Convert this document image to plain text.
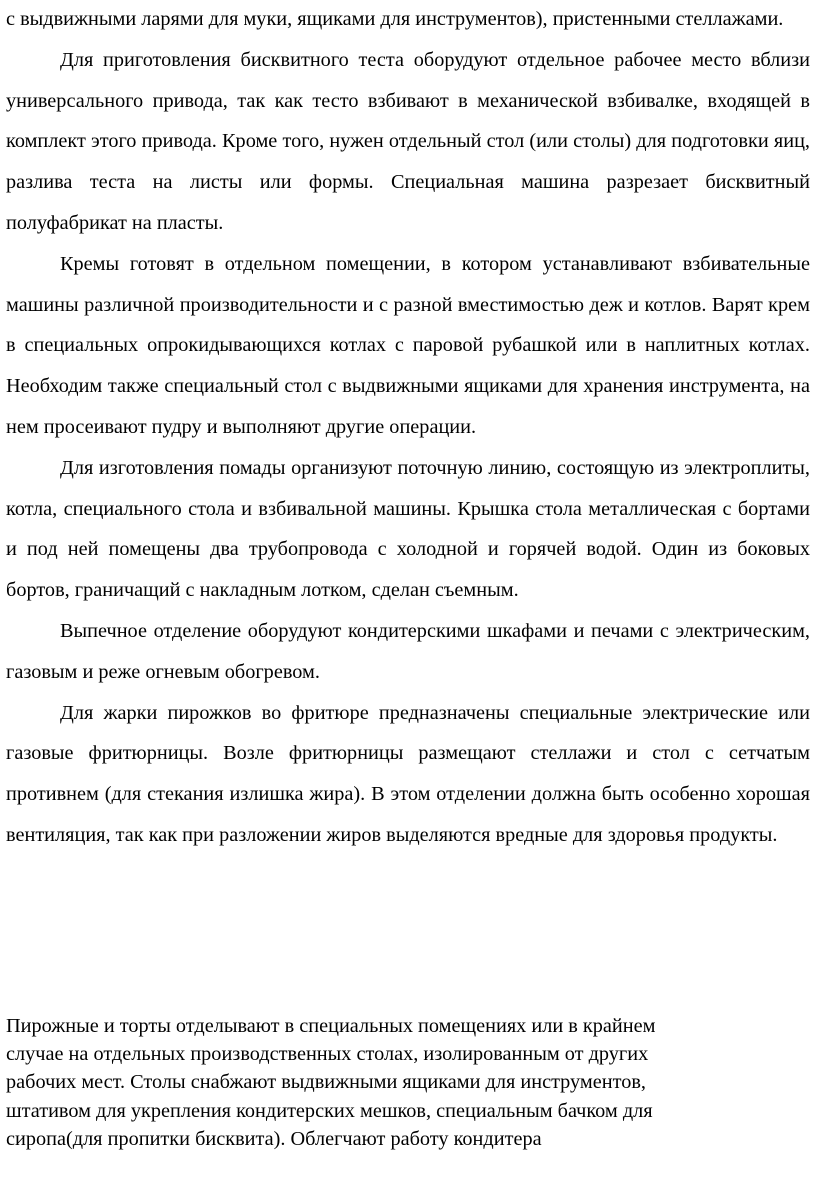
с выдвижными ларями для муки, ящиками для инструментов), пристенными стеллажами.

Для приготовления бисквитного теста оборудуют отдельное рабочее место вблизи универсального привода, так как тесто взбивают в механической взбивалке, входящей в комплект этого привода. Кроме того, нужен отдельный стол (или столы) для подготовки яиц, разлива теста на листы или формы. Специальная машина разрезает бисквитный полуфабрикат на пласты.

Кремы готовят в отдельном помещении, в котором устанавливают взбивательные машины различной производительности и с разной вместимостью деж и котлов. Варят крем в специальных опрокидывающихся котлах с паровой рубашкой или в наплитных котлах. Необходим также специальный стол с выдвижными ящиками для хранения инструмента, на нем просеивают пудру и выполняют другие операции.

Для изготовления помады организуют поточную линию, состоящую из электроплиты, котла, специального стола и взбивальной машины. Крышка стола металлическая с бортами и под ней помещены два трубопровода с холодной и горячей водой. Один из боковых бортов, граничащий с накладным лотком, сделан съемным.

Выпечное отделение оборудуют кондитерскими шкафами и печами с электрическим, газовым и реже огневым обогревом.

Для жарки пирожков во фритюре предназначены специальные электрические или газовые фритюрницы. Возле фритюрницы размещают стеллажи и стол с сетчатым противнем (для стекания излишка жира). В этом отделении должна быть особенно хорошая вентиляция, так как при разложении жиров выделяются вредные для здоровья продукты.

Пирожные и торты отделывают в специальных помещениях или в крайнем
случае на отдельных производственных столах, изолированным от других
рабочих мест. Столы снабжают выдвижными ящиками для инструментов,
штативом для укрепления кондитерских мешков, специальным бачком для
сиропа(для пропитки бисквита). Облегчают работу кондитера
